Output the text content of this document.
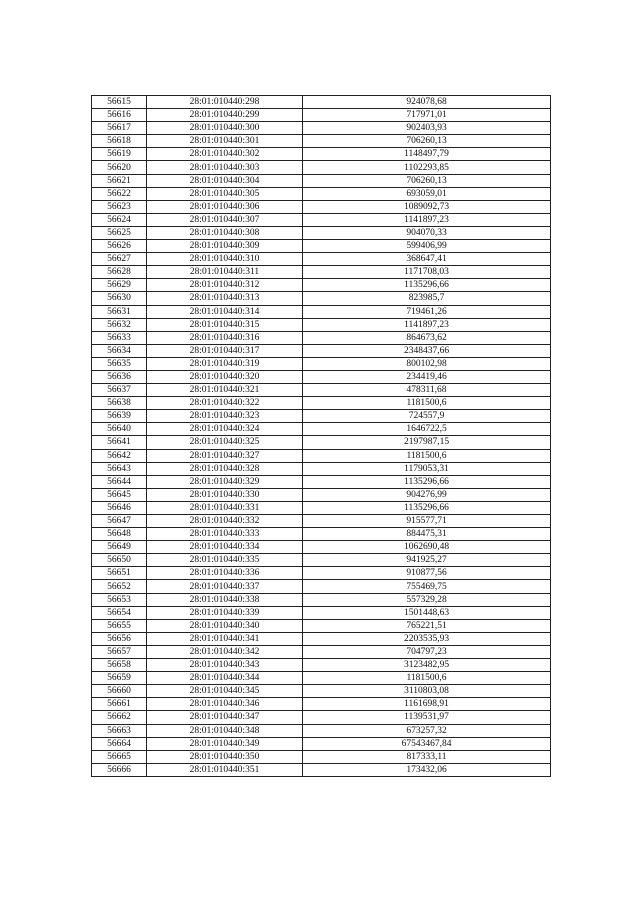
56615	28:01:010440:298	924078,68
56616	28:01:010440:299	717971,01
56617	28:01:010440:300	902403,93
56618	28:01:010440:301	706260,13
56619	28:01:010440:302	1148497,79
56620	28:01:010440:303	1102293,85
56621	28:01:010440:304	706260,13
56622	28:01:010440:305	693059,01
56623	28:01:010440:306	1089092,73
56624	28:01:010440:307	1141897,23
56625	28:01:010440:308	904070,33
56626	28:01:010440:309	599406,99
56627	28:01:010440:310	368647,41
56628	28:01:010440:311	1171708,03
56629	28:01:010440:312	1135296,66
56630	28:01:010440:313	823985,7
56631	28:01:010440:314	719461,26
56632	28:01:010440:315	1141897,23
56633	28:01:010440:316	864673,62
56634	28:01:010440:317	2348437,66
56635	28:01:010440:319	800102,98
56636	28:01:010440:320	234419,46
56637	28:01:010440:321	478311,68
56638	28:01:010440:322	1181500,6
56639	28:01:010440:323	724557,9
56640	28:01:010440:324	1646722,5
56641	28:01:010440:325	2197987,15
56642	28:01:010440:327	1181500,6
56643	28:01:010440:328	1179053,31
56644	28:01:010440:329	1135296,66
56645	28:01:010440:330	904276,99
56646	28:01:010440:331	1135296,66
56647	28:01:010440:332	915577,71
56648	28:01:010440:333	884475,31
56649	28:01:010440:334	1062690,48
56650	28:01:010440:335	941925,27
56651	28:01:010440:336	910877,56
56652	28:01:010440:337	755469,75
56653	28:01:010440:338	557329,28
56654	28:01:010440:339	1501448,63
56655	28:01:010440:340	765221,51
56656	28:01:010440:341	2203535,93
56657	28:01:010440:342	704797,23
56658	28:01:010440:343	3123482,95
56659	28:01:010440:344	1181500,6
56660	28:01:010440:345	3110803,08
56661	28:01:010440:346	1161698,91
56662	28:01:010440:347	1139531,97
56663	28:01:010440:348	673257,32
56664	28:01:010440:349	67543467,84
56665	28:01:010440:350	817333,11
56666	28:01:010440:351	173432,06
